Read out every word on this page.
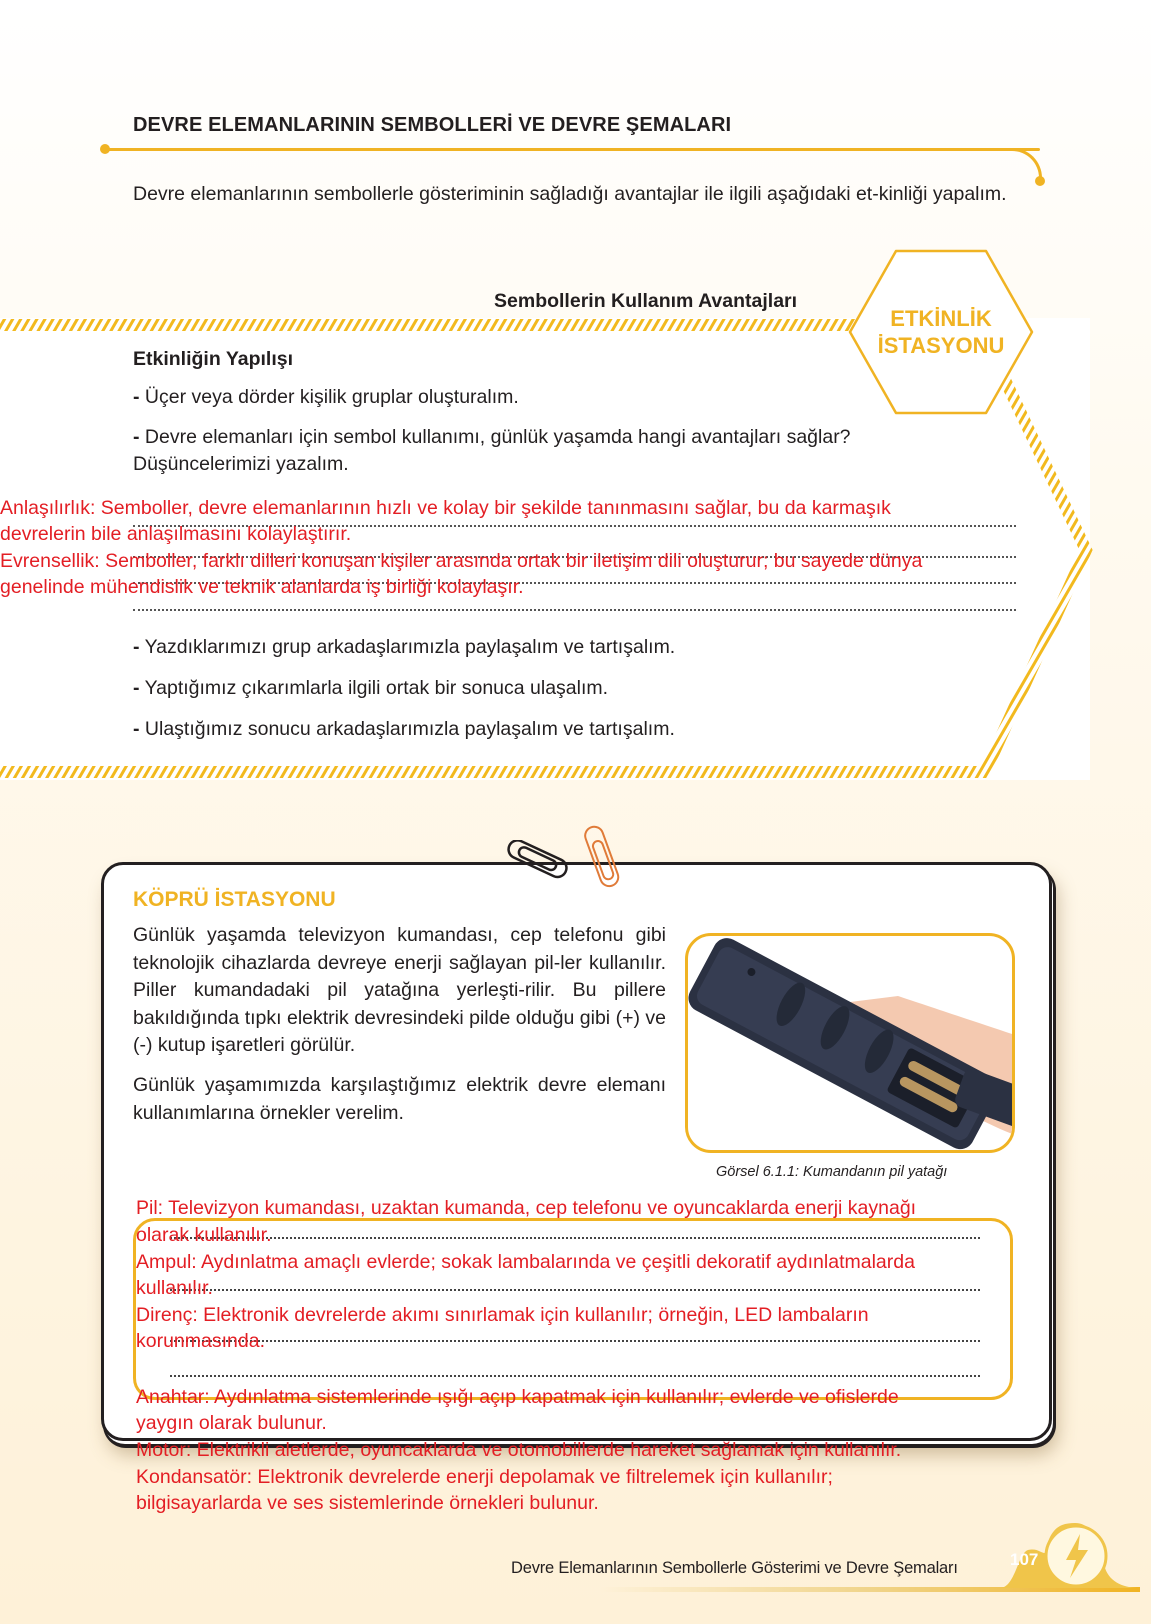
DEVRE ELEMANLARININ SEMBOLLERİ VE DEVRE ŞEMALARI
Devre elemanlarının sembollerle gösteriminin sağladığı avantajlar ile ilgili aşağıdaki et-kinliği yapalım.
Sembollerin Kullanım Avantajları
ETKİNLİK
İSTASYONU
Etkinliğin Yapılışı
- Üçer veya dörder kişilik gruplar oluşturalım.
- Devre elemanları için sembol kullanımı, günlük yaşamda hangi avantajları sağlar? Düşüncelerimizi yazalım.
Anlaşılırlık: Semboller, devre elemanlarının hızlı ve kolay bir şekilde tanınmasını sağlar, bu da karmaşık
devrelerin bile anlaşılmasını kolaylaştırır.
Evrensellik: Semboller, farklı dilleri konuşan kişiler arasında ortak bir iletişim dili oluşturur; bu sayede dünya
genelinde mühendislik ve teknik alanlarda iş birliği kolaylaşır.
- Yazdıklarımızı grup arkadaşlarımızla paylaşalım ve tartışalım.
- Yaptığımız çıkarımlarla ilgili ortak bir sonuca ulaşalım.
- Ulaştığımız sonucu arkadaşlarımızla paylaşalım ve tartışalım.
KÖPRÜ İSTASYONU
Günlük yaşamda televizyon kumandası, cep telefonu gibi teknolojik cihazlarda devreye enerji sağlayan pil-ler kullanılır. Piller kumandadaki pil yatağına yerleşti-rilir. Bu pillere bakıldığında tıpkı elektrik devresindeki pilde olduğu gibi (+) ve (-) kutup işaretleri görülür.
Günlük yaşamımızda karşılaştığımız elektrik devre elemanı kullanımlarına örnekler verelim.
Görsel 6.1.1: Kumandanın pil yatağı
Pil: Televizyon kumandası, uzaktan kumanda, cep telefonu ve oyuncaklarda enerji kaynağı
olarak kullanılır.
Ampul: Aydınlatma amaçlı evlerde; sokak lambalarında ve çeşitli dekoratif aydınlatmalarda
kullanılır.
Direnç: Elektronik devrelerde akımı sınırlamak için kullanılır; örneğin, LED lambaların
korunmasında.
Anahtar: Aydınlatma sistemlerinde ışığı açıp kapatmak için kullanılır; evlerde ve ofislerde
yaygın olarak bulunur.
Motor: Elektrikli aletlerde, oyuncaklarda ve otomobillerde hareket sağlamak için kullanılır.
Kondansatör: Elektronik devrelerde enerji depolamak ve filtrelemek için kullanılır;
bilgisayarlarda ve ses sistemlerinde örnekleri bulunur.
Devre Elemanlarının Sembollerle Gösterimi ve Devre Şemaları	107
